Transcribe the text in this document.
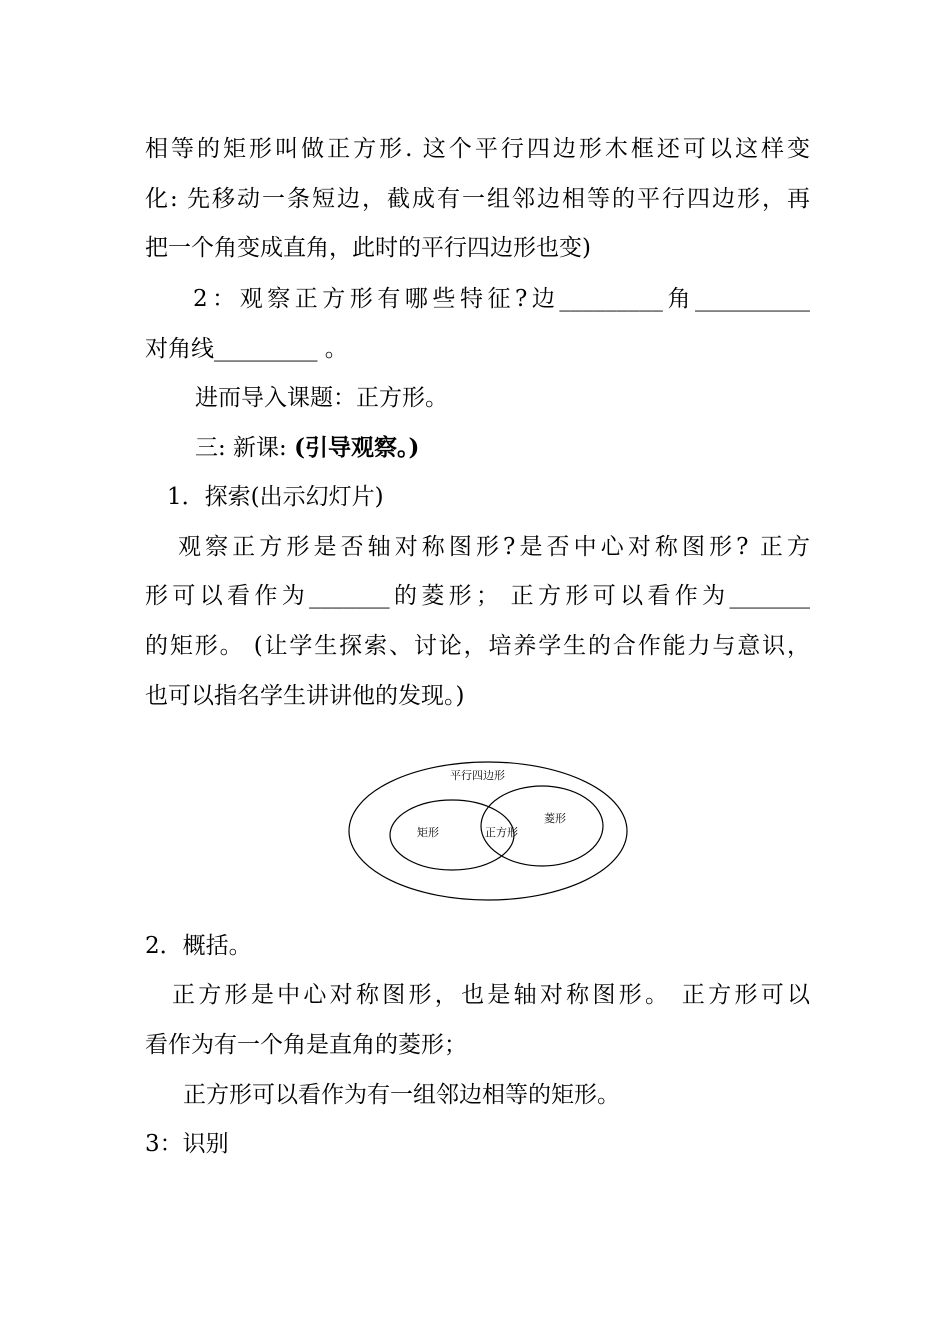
相等的矩形叫做正方形. 这个平行四边形木框还可以这样变
化: 先移动一条短边，截成有一组邻边相等的平行四边形，再
把一个角变成直角，此时的平行四边形也变)
2：观察正方形有哪些特征?边_________角__________
对角线_________ 。
进而导入课题：正方形。
三: 新课: (引导观察。)
1．探索(出示幻灯片)
观察正方形是否轴对称图形?是否中心对称图形? 正方
形可以看作为_______的菱形； 正方形可以看作为_______
的矩形。 (让学生探索、讨论，培养学生的合作能力与意识，
也可以指名学生讲讲他的发现。)
平行四边形
矩形
菱形
正方形
2．概括。
正方形是中心对称图形，也是轴对称图形。 正方形可以
看作为有一个角是直角的菱形；
正方形可以看作为有一组邻边相等的矩形。
3：识别
